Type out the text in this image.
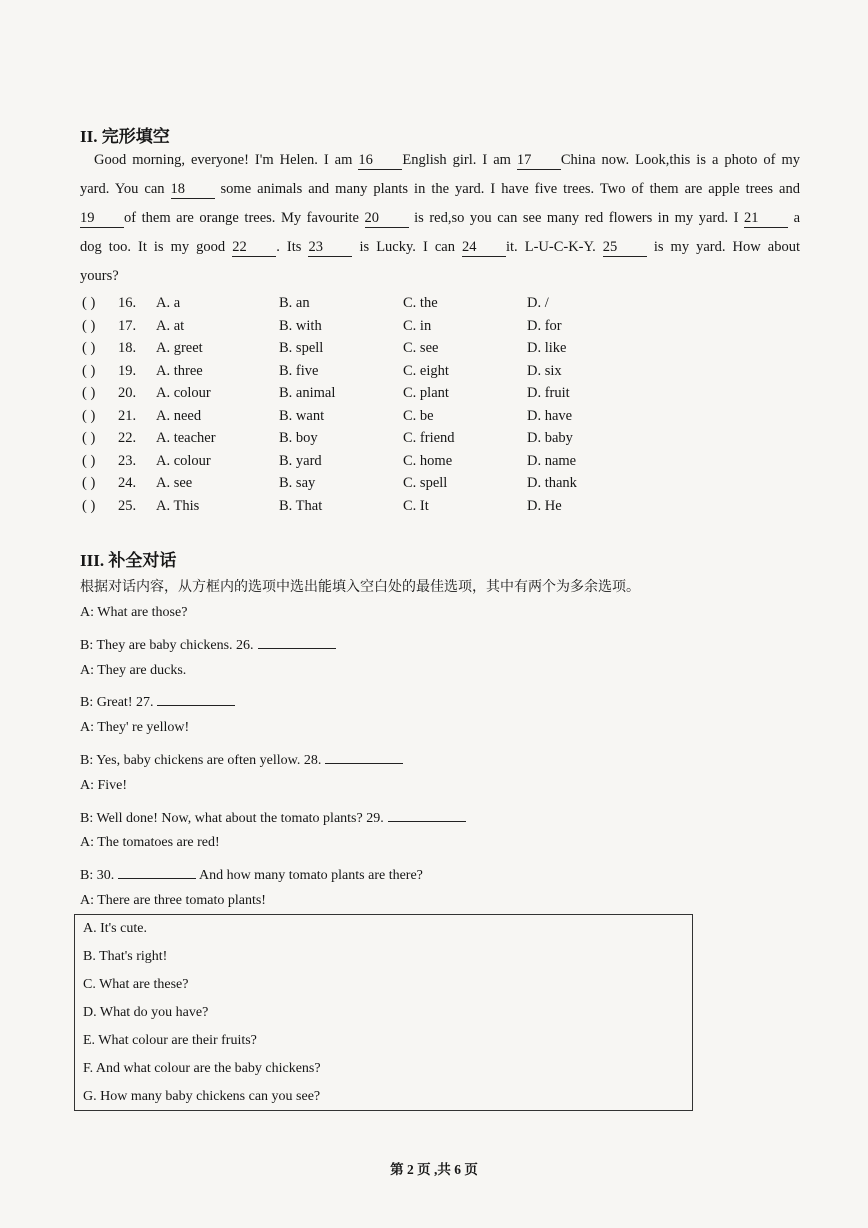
II. 完形填空
Good morning, everyone! I'm Helen. I am 16 English girl. I am 17 China now. Look,this is a photo of my
yard. You can 18 some animals and many plants in the yard. I have five trees. Two of them are apple trees and
19 of them are orange trees. My favourite 20 is red,so you can see many red flowers in my yard. I 21 a
dog too. It is my good 22 . Its 23 is Lucky. I can 24 it. L-U-C-K-Y. 25 is my yard. How about
yours?
( ) 16. A. a	B. an	C. the	D. /
( ) 17. A. at	B. with	C. in	D. for
( ) 18. A. greet	B. spell	C. see	D. like
( ) 19. A. three	B. five	C. eight	D. six
( ) 20. A. colour	B. animal	C. plant	D. fruit
( ) 21. A. need	B. want	C. be	D. have
( ) 22. A. teacher	B. boy	C. friend	D. baby
( ) 23. A. colour	B. yard	C. home	D. name
( ) 24. A. see	B. say	C. spell	D. thank
( ) 25. A. This	B. That	C. It	D. He
III. 补全对话
根据对话内容，从方框内的选项中选出能填入空白处的最佳选项，其中有两个为多余选项。
A: What are those?
B: They are baby chickens. 26.
A: They are ducks.
B: Great! 27.
A: They' re yellow!
B: Yes, baby chickens are often yellow. 28.
A: Five!
B: Well done! Now, what about the tomato plants? 29.
A: The tomatoes are red!
B: 30.	And how many tomato plants are there?
A: There are three tomato plants!
A. It's cute.
B. That's right!
C. What are these?
D. What do you have?
E. What colour are their fruits?
F. And what colour are the baby chickens?
G. How many baby chickens can you see?
第 2 页 ,共 6 页
